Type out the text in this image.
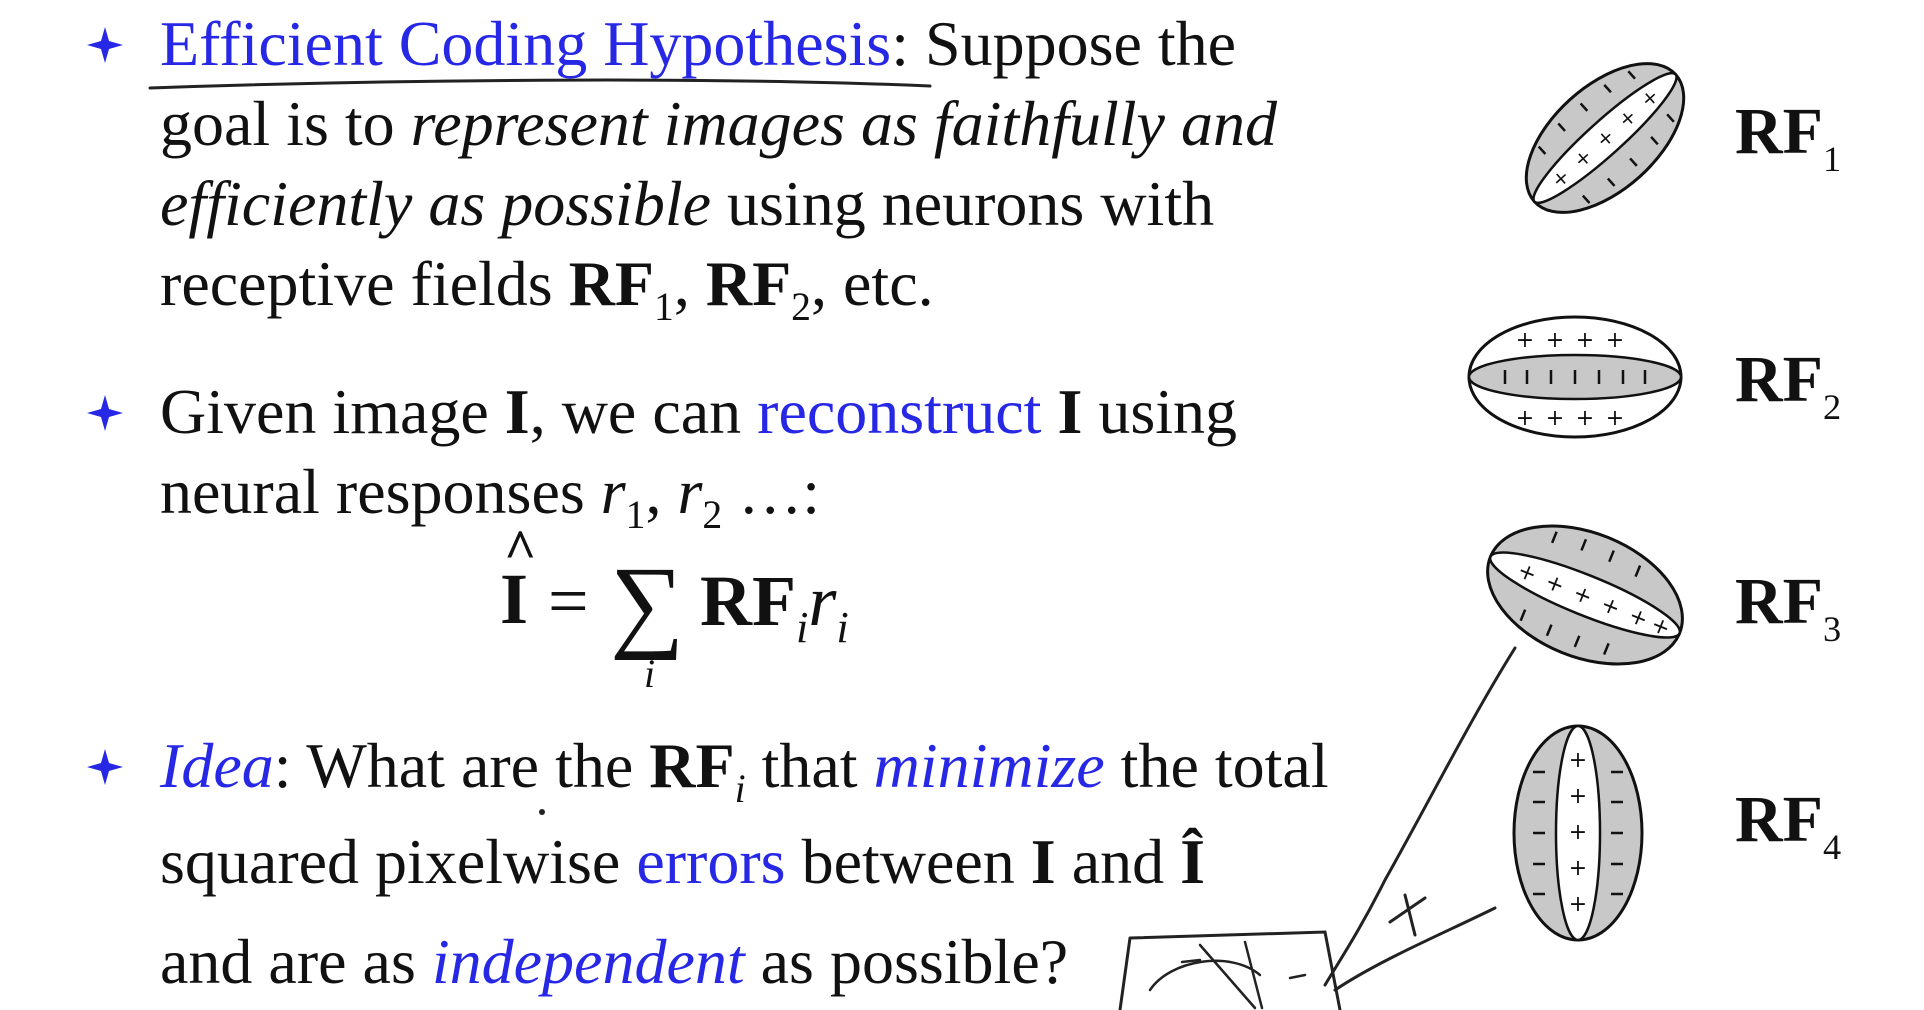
Efficient Coding Hypothesis: Suppose the
goal is to represent images as faithfully and
efficiently as possible using neurons with
receptive fields $RF_1$, $RF_2$, etc.
Given image I, we can reconstruct I using
neural responses $r_1$, $r_2$ …:
^
I = ∑
i
$RF_ir_i$
Idea: What are the $RF_i$ that minimize the total
squared pixelwise errors between I and Î
and are as independent as possible?
+
+
+
+
+ $RF_1$
+ + + +
+ + + +
$RF_2$
+ + + + +
+ $RF_3$
+
+
+
+
+
$RF_4$
